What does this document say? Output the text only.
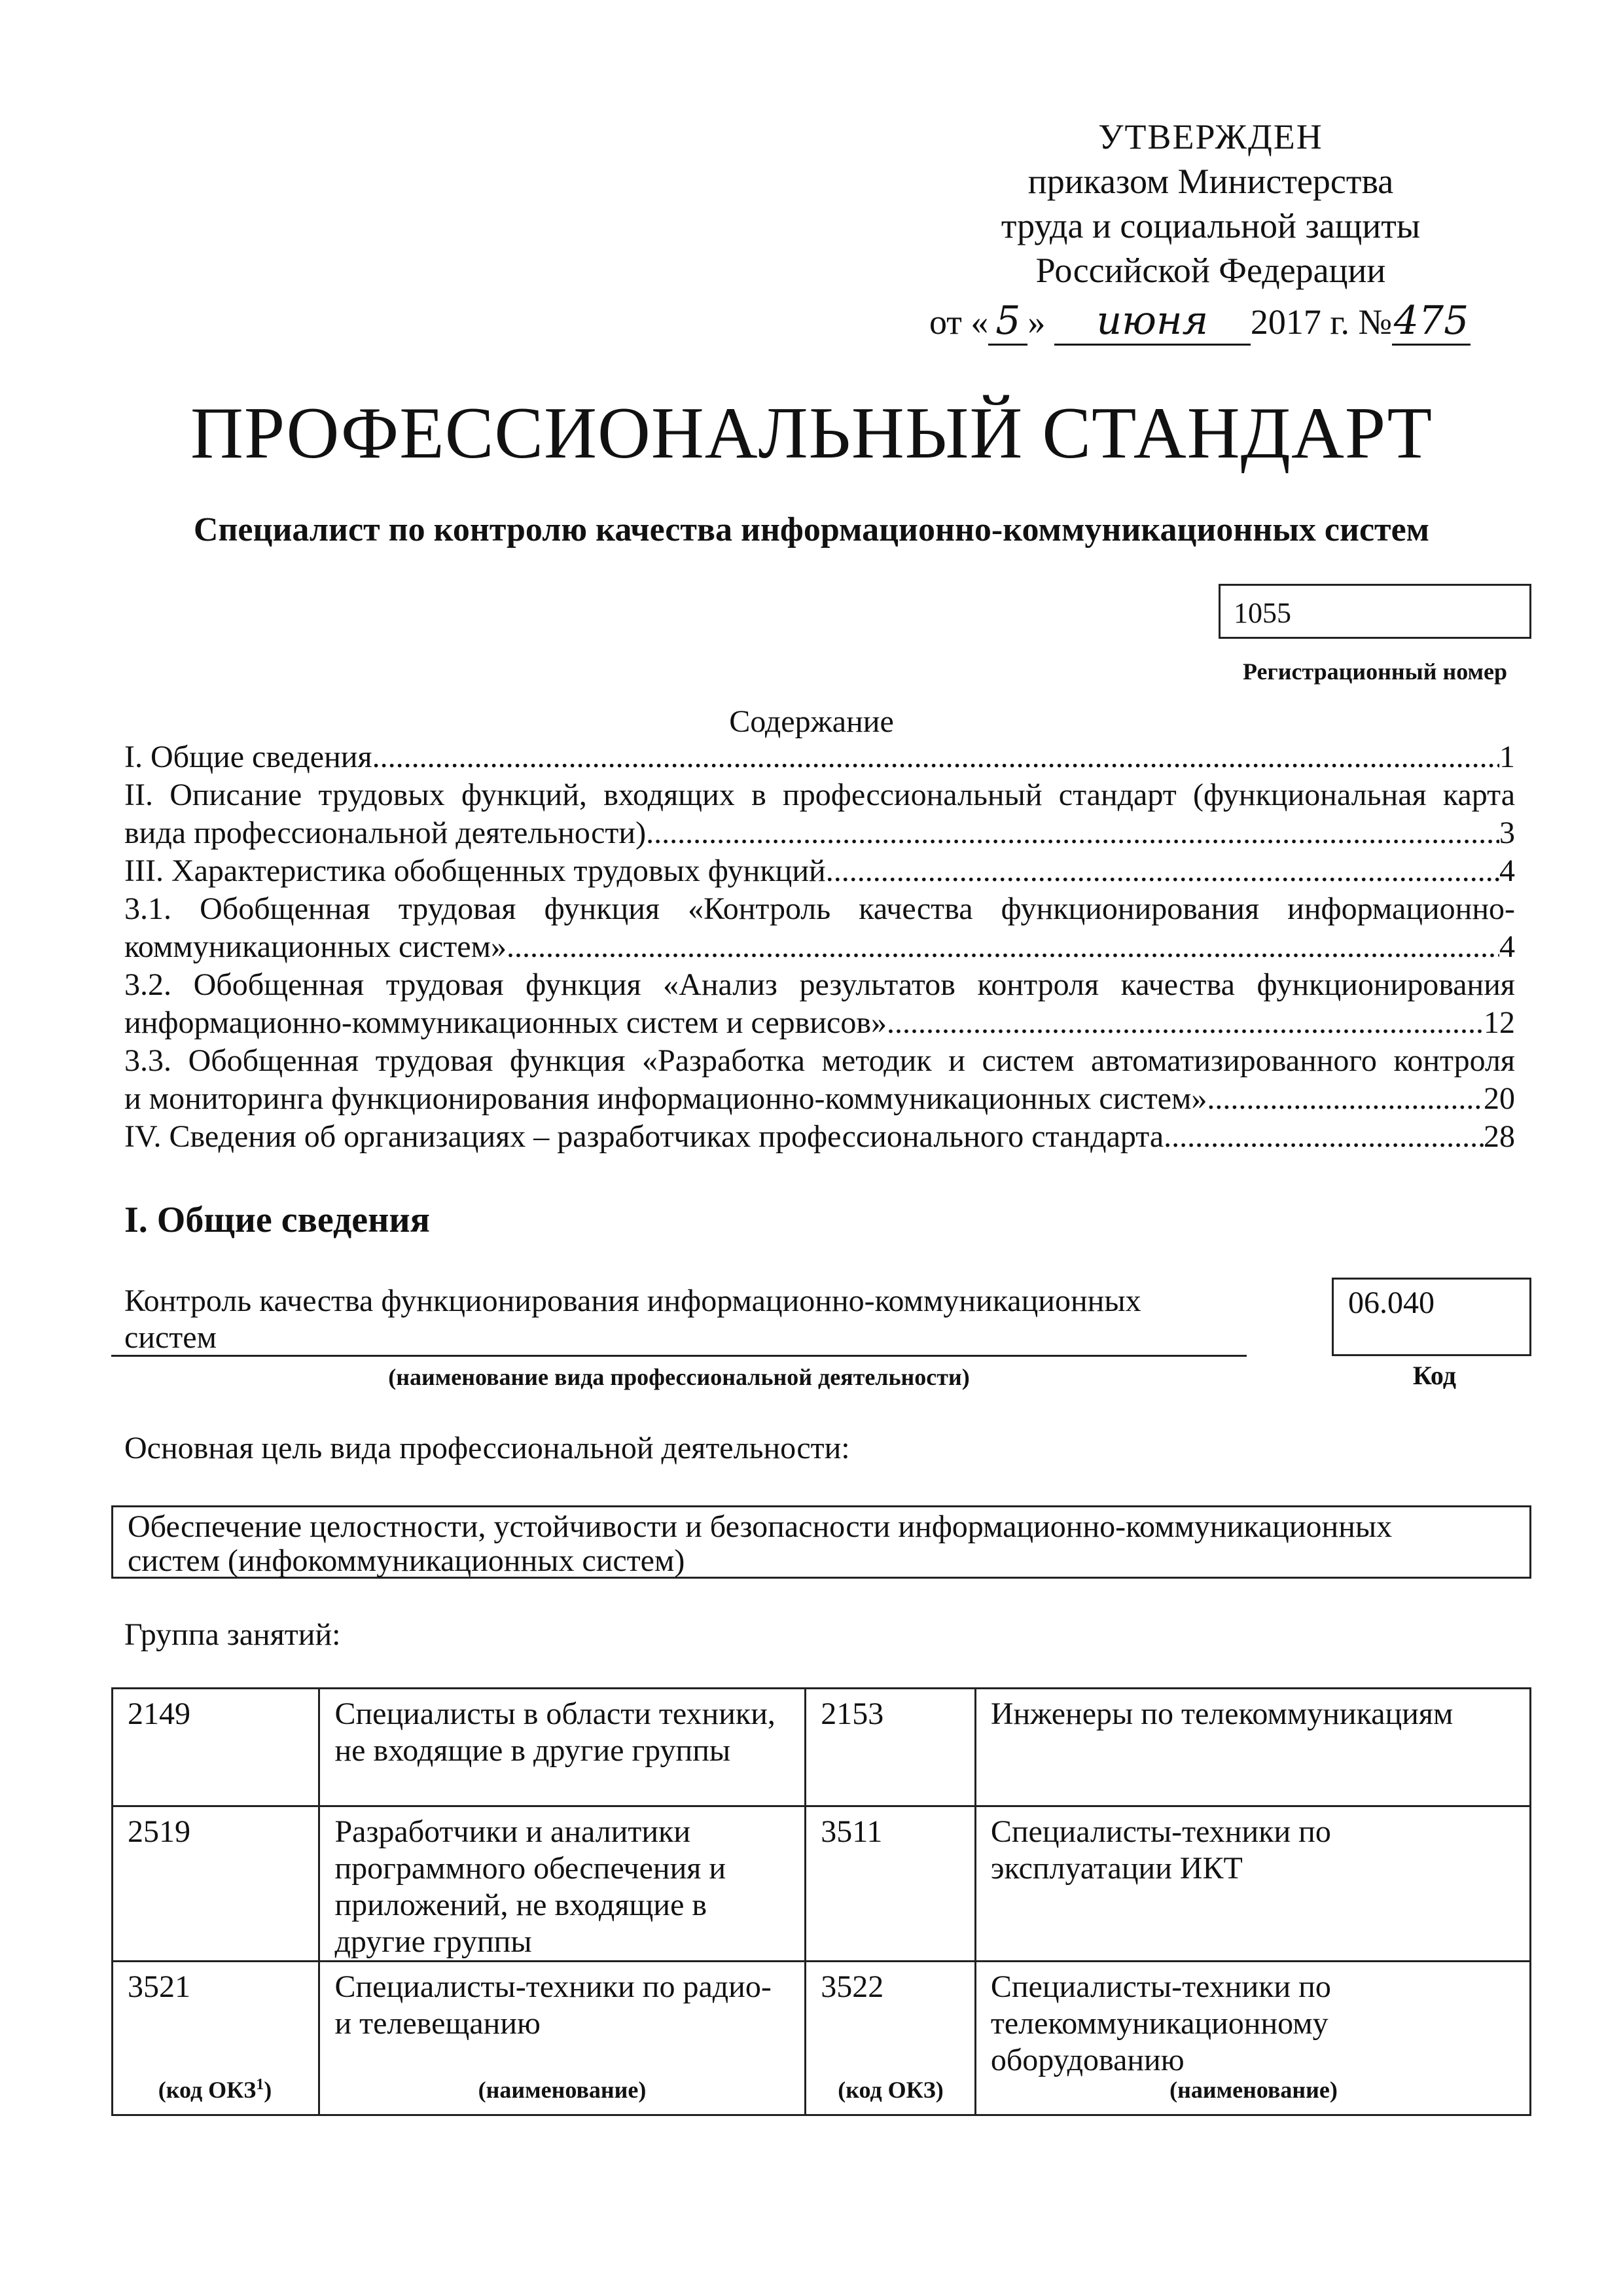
УТВЕРЖДЕН
приказом Министерства
труда и социальной защиты
Российской Федерации
от « 5 » июня 2017 г. №475
ПРОФЕССИОНАЛЬНЫЙ СТАНДАРТ
Специалист по контролю качества информационно-коммуникационных систем
1055
Регистрационный номер
Содержание
I. Общие сведения .....	1
II. Описание трудовых функций, входящих в профессиональный стандарт (функциональная карта
вида профессиональной деятельности) .....	3
III. Характеристика обобщенных трудовых функций .....	4
3.1. Обобщенная трудовая функция «Контроль качества функционирования информационно-
коммуникационных систем» .....	4
3.2. Обобщенная трудовая функция «Анализ результатов контроля качества функционирования
информационно-коммуникационных систем и сервисов» .....	12
3.3. Обобщенная трудовая функция «Разработка методик и систем автоматизированного контроля
и мониторинга функционирования информационно-коммуникационных систем» .....	20
IV. Сведения об организациях – разработчиках профессионального стандарта .....	28
I. Общие сведения
Контроль качества функционирования информационно-коммуникационных
систем
(наименование вида профессиональной деятельности)
06.040
Код
Основная цель вида профессиональной деятельности:
Обеспечение целостности, устойчивости и безопасности информационно-коммуникационных
систем (инфокоммуникационных систем)
Группа занятий:
2149	Специалисты в области техники, не входящие в другие группы	2153	Инженеры по телекоммуникациям
2519	Разработчики и аналитики программного обеспечения и приложений, не входящие в другие группы	3511	Специалисты-техники по эксплуатации ИКТ
3521	Специалисты-техники по радио- и телевещанию	3522	Специалисты-техники по телекоммуникационному оборудованию
(код ОКЗ$^1$)	(наименование)	(код ОКЗ)	(наименование)
